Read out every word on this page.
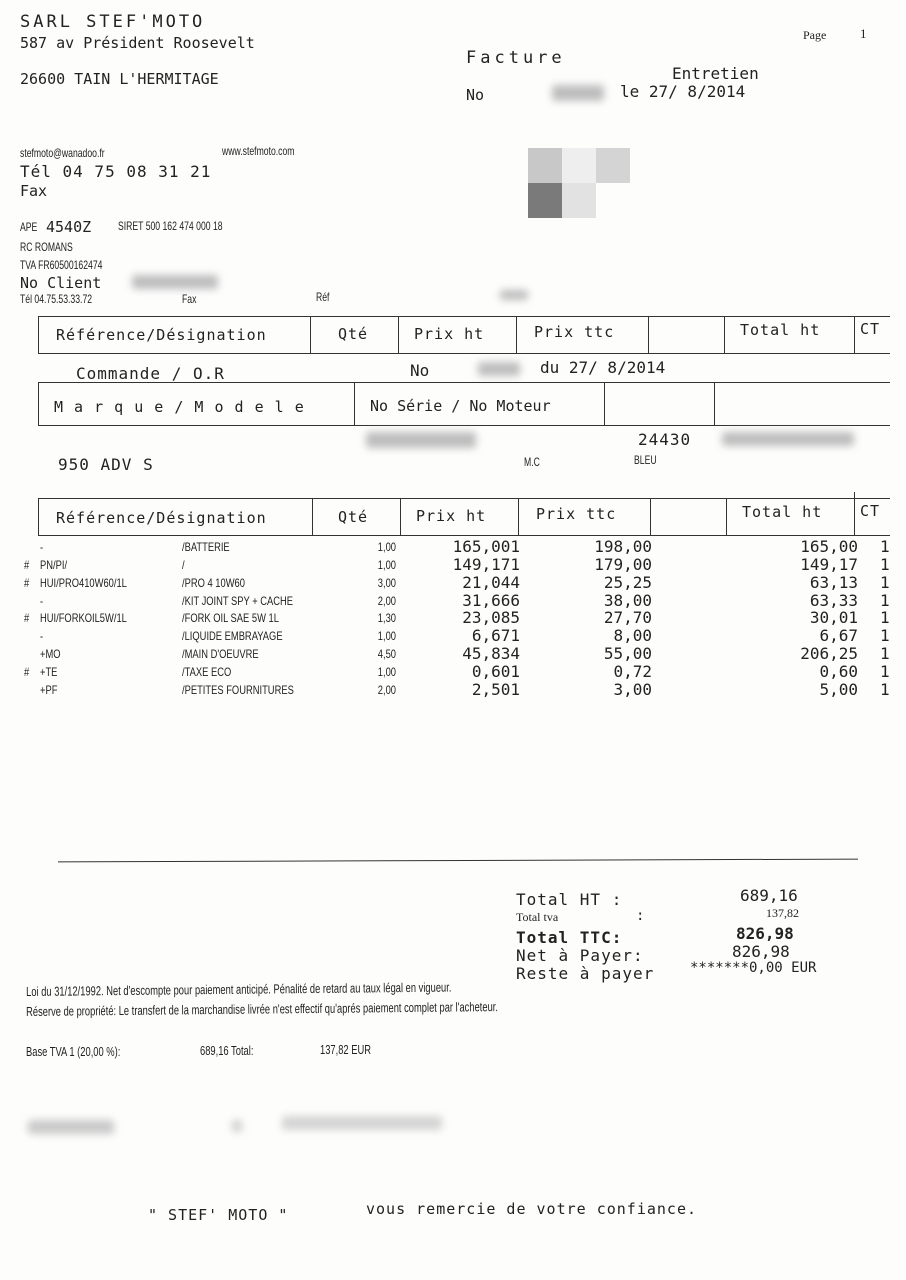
SARL STEF'MOTO
587 av Président Roosevelt
26600 TAIN L'HERMITAGE
Page	1
Facture
Entretien
No	le 27/ 8/2014
stefmoto@wanadoo.fr	www.stefmoto.com
Tél 04 75 08 31 21
Fax
APE 4540Z SIRET 500 162 474 000 18
RC ROMANS
TVA FR60500162474
No Client
Tél 04.75.53.33.72	Fax	Réf
Référence/Désignation	Qté	Prix ht	Prix ttc	Total ht	CT
Commande / O.R	No	du 27/ 8/2014
M a r q u e / M o d e l e	No Série / No Moteur
24430
950 ADV S	M.C	BLEU
Référence/Désignation	Qté	Prix ht	Prix ttc	Total ht	CT
-	/BATTERIE	1,00	165,001	198,00	165,00 1
# PN/PI/	/	1,00	149,171	179,00	149,17 1
# HUI/PRO410W60/1L	/PRO 4 10W60	3,00	21,044	25,25	63,13 1
-	/KIT JOINT SPY + CACHE	2,00	31,666	38,00	63,33 1
# HUI/FORKOIL5W/1L	/FORK OIL SAE 5W 1L	1,30	23,085	27,70	30,01 1
-	/LIQUIDE EMBRAYAGE	1,00	6,671	8,00	6,67 1
+MO	/MAIN D'OEUVRE	4,50	45,834	55,00	206,25 1
# +TE	/TAXE ECO	1,00	0,601	0,72	0,60 1
+PF	/PETITES FOURNITURES	2,00	2,501	3,00	5,00 1
Total HT :	689,16
Total tva	:	137,82
Total TTC:	826,98
Net à Payer:	826,98
Reste à payer	*******0,00 EUR
Loi du 31/12/1992. Net d'escompte pour paiement anticipé. Pénalité de retard au taux légal en vigueur.
Réserve de propriété: Le transfert de la marchandise livrée n'est effectif qu'aprés paiement complet par l'acheteur.
Base TVA 1 (20,00 %):	689,16 Total:	137,82 EUR
" STEF' MOTO "	vous remercie de votre confiance.
